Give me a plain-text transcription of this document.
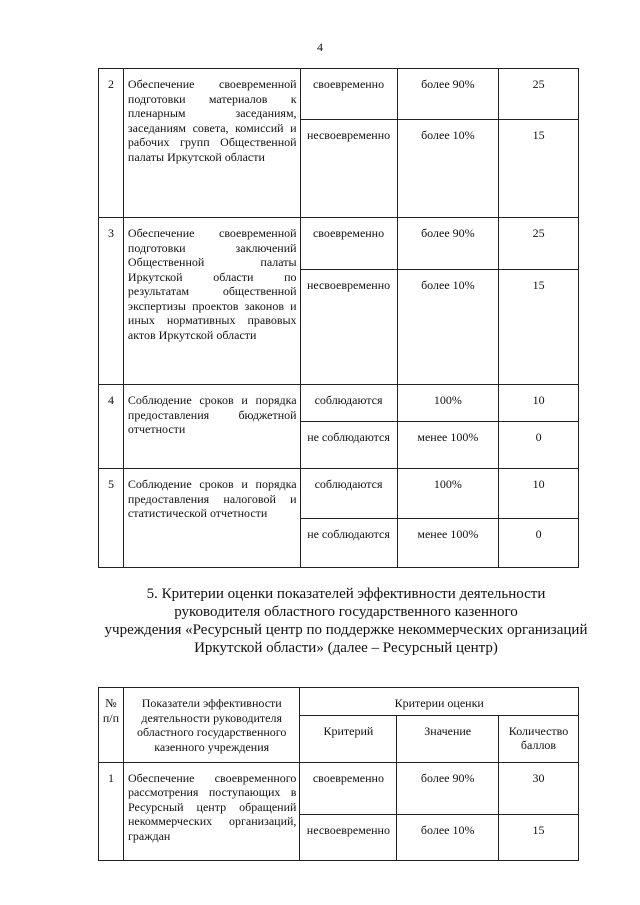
4
2	Обеспечение своевременной подготовки материалов к пленарным заседаниям, заседаниям совета, комиссий и рабочих групп Общественной палаты Иркутской области	своевременно	более 90%	25
		несвоевременно	более 10%	15
3	Обеспечение своевременной подготовки заключений Общественной палаты Иркутской области по результатам общественной экспертизы проектов законов и иных нормативных правовых актов Иркутской области	своевременно	более 90%	25
		несвоевременно	более 10%	15
4	Соблюдение сроков и порядка предоставления бюджетной отчетности	соблюдаются	100%	10
		не соблюдаются	менее 100%	0
5	Соблюдение сроков и порядка предоставления налоговой и статистической отчетности	соблюдаются	100%	10
		не соблюдаются	менее 100%	0
5. Критерии оценки показателей эффективности деятельности
руководителя областного государственного казенного
учреждения «Ресурсный центр по поддержке некоммерческих организаций
Иркутской области» (далее – Ресурсный центр)
№ п/п	Показатели эффективности деятельности руководителя областного государственного казенного учреждения	Критерии оценки		
		Критерий	Значение	Количество баллов
1	Обеспечение своевременного рассмотрения поступающих в Ресурсный центр обращений некоммерческих организаций, граждан	своевременно	более 90%	30
		несвоевременно	более 10%	15
